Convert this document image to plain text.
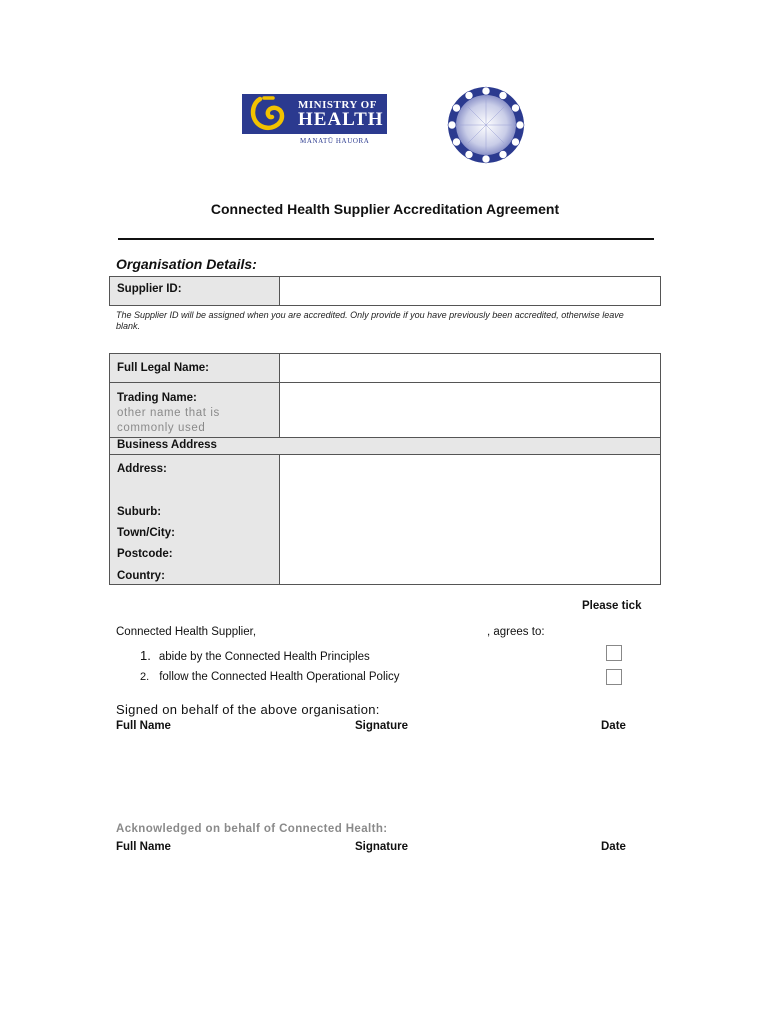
MINISTRY OF
HEALTH
MANATŪ HAUORA
Connected Health Supplier Accreditation Agreement
Organisation Details:
Supplier ID:
The Supplier ID will be assigned when you are accredited. Only provide if you have previously been accredited, otherwise leave blank.
Full Legal Name:
Trading Name:
other name that is
commonly used
Business Address
Address:
Suburb:
Town/City:
Postcode:
Country:
Please tick
Connected Health Supplier,	, agrees to:
1. abide by the Connected Health Principles
2. follow the Connected Health Operational Policy
Signed on behalf of the above organisation:
Full Name	Signature	Date
Acknowledged on behalf of Connected Health:
Full Name	Signature	Date
